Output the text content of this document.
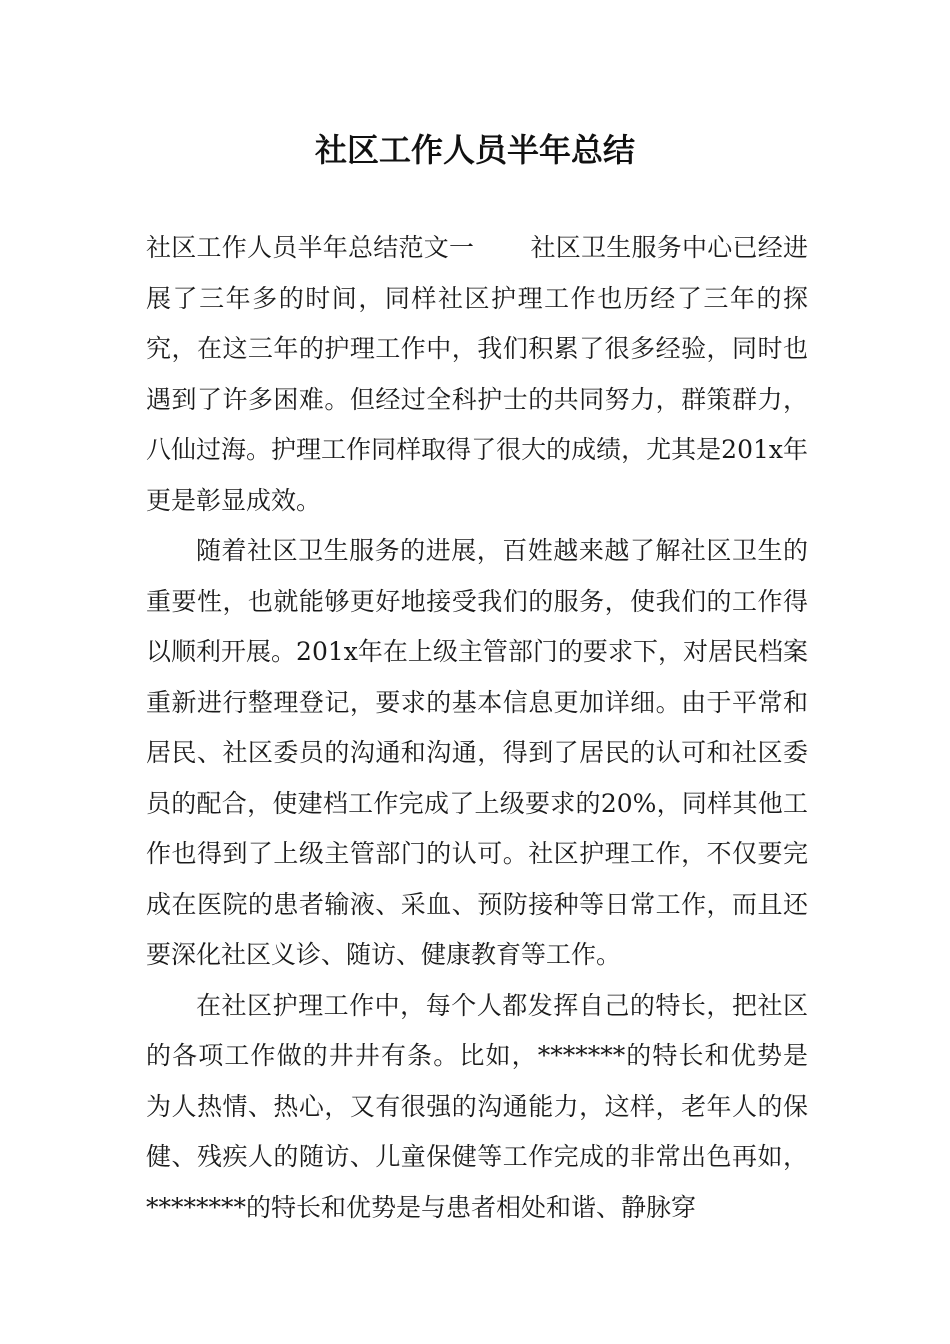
社区工作人员半年总结

社区工作人员半年总结范文一 社区卫生服务中心已经进展了三年多的时间，同样社区护理工作也历经了三年的探究，在这三年的护理工作中，我们积累了很多经验，同时也遇到了许多困难。但经过全科护士的共同努力，群策群力，八仙过海。护理工作同样取得了很大的成绩，尤其是201x年更是彰显成效。

随着社区卫生服务的进展，百姓越来越了解社区卫生的重要性，也就能够更好地接受我们的服务，使我们的工作得以顺利开展。201x年在上级主管部门的要求下，对居民档案重新进行整理登记，要求的基本信息更加详细。由于平常和居民、社区委员的沟通和沟通，得到了居民的认可和社区委员的配合，使建档工作完成了上级要求的20%，同样其他工作也得到了上级主管部门的认可。社区护理工作，不仅要完成在医院的患者输液、采血、预防接种等日常工作，而且还要深化社区义诊、随访、健康教育等工作。

在社区护理工作中，每个人都发挥自己的特长，把社区的各项工作做的井井有条。比如，*******的特长和优势是为人热情、热心，又有很强的沟通能力，这样，老年人的保健、残疾人的随访、儿童保健等工作完成的非常出色再如，********的特长和优势是与患者相处和谐、静脉穿
